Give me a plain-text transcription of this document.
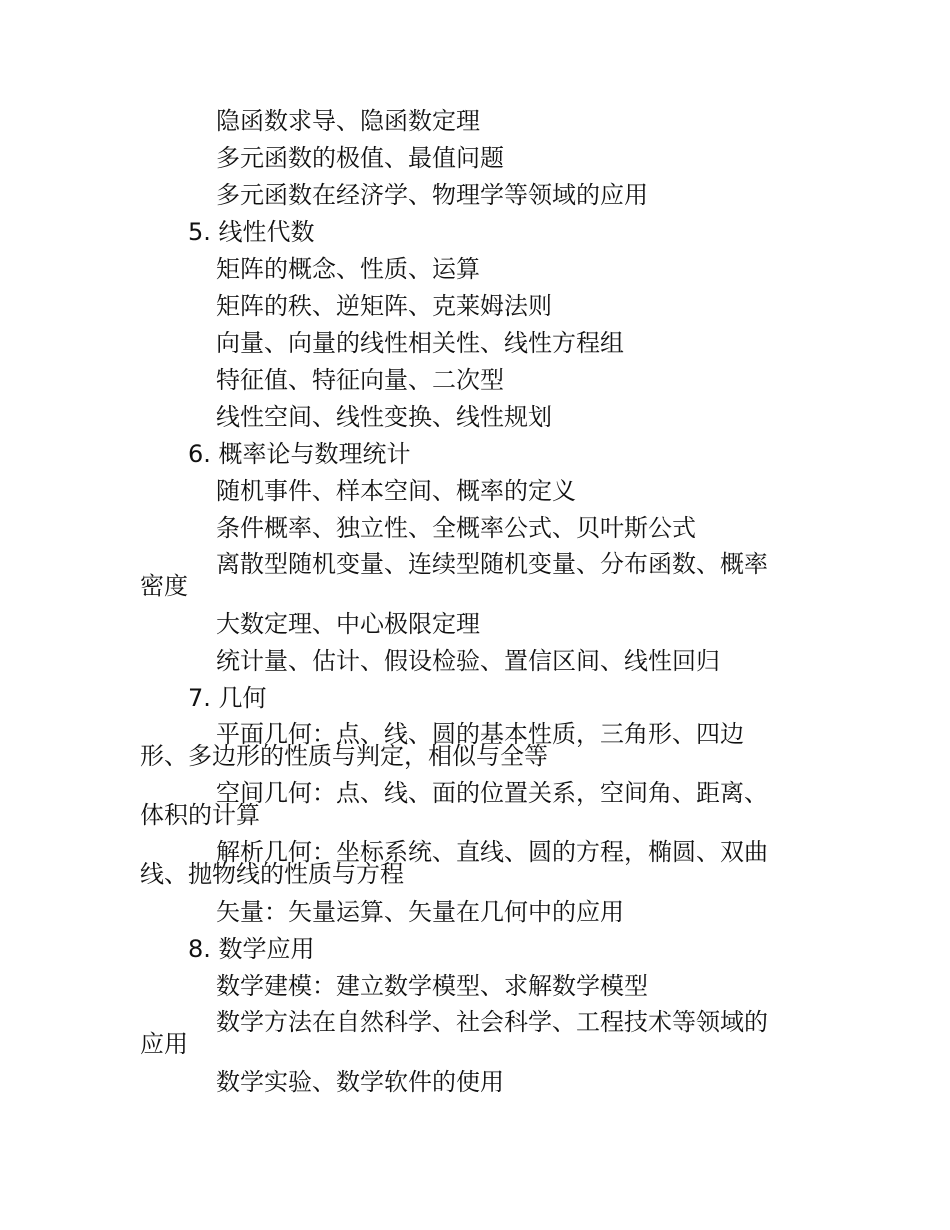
隐函数求导、隐函数定理
多元函数的极值、最值问题
多元函数在经济学、物理学等领域的应用
5. 线性代数
矩阵的概念、性质、运算
矩阵的秩、逆矩阵、克莱姆法则
向量、向量的线性相关性、线性方程组
特征值、特征向量、二次型
线性空间、线性变换、线性规划
6. 概率论与数理统计
随机事件、样本空间、概率的定义
条件概率、独立性、全概率公式、贝叶斯公式
离散型随机变量、连续型随机变量、分布函数、概率密度
大数定理、中心极限定理
统计量、估计、假设检验、置信区间、线性回归
7. 几何
平面几何：点、线、圆的基本性质，三角形、四边形、多边形的性质与判定，相似与全等
空间几何：点、线、面的位置关系，空间角、距离、体积的计算
解析几何：坐标系统、直线、圆的方程，椭圆、双曲线、抛物线的性质与方程
矢量：矢量运算、矢量在几何中的应用
8. 数学应用
数学建模：建立数学模型、求解数学模型
数学方法在自然科学、社会科学、工程技术等领域的应用
数学实验、数学软件的使用
